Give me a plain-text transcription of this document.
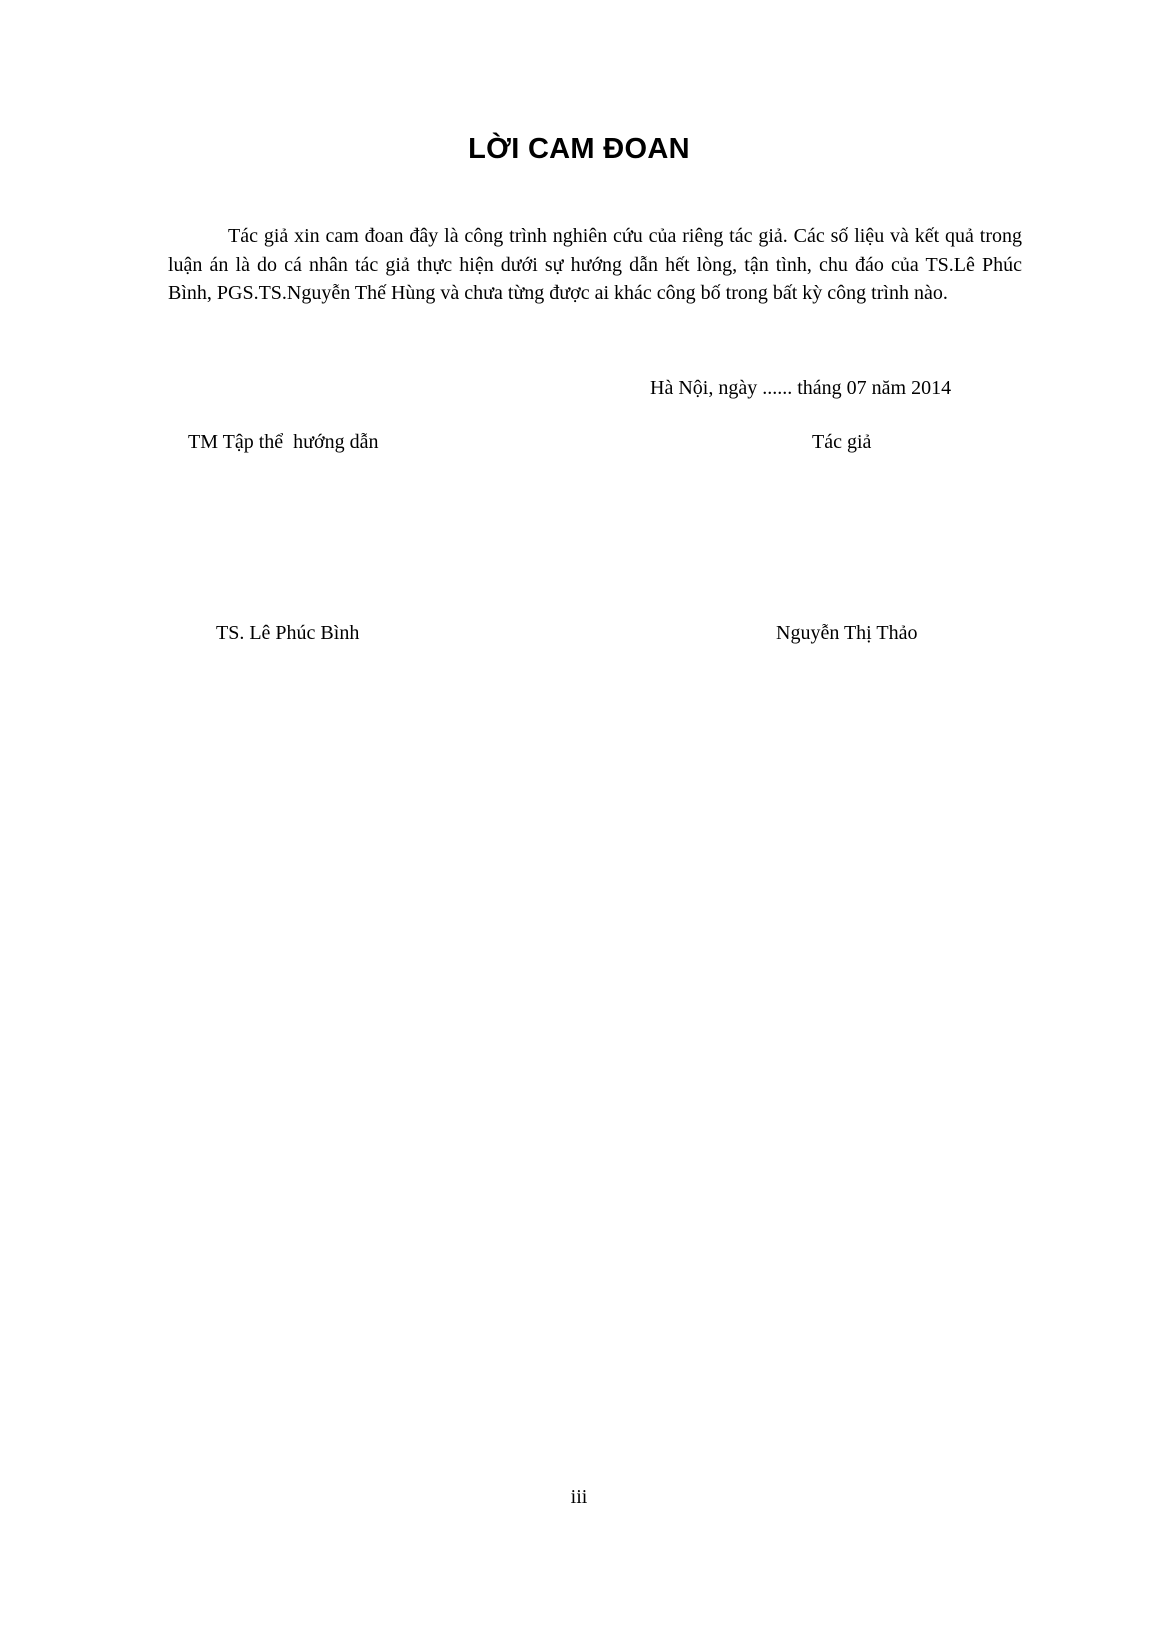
LỜI CAM ĐOAN

Tác giả xin cam đoan đây là công trình nghiên cứu của riêng tác giả. Các số liệu và kết quả trong luận án là do cá nhân tác giả thực hiện dưới sự hướng dẫn hết lòng, tận tình, chu đáo của TS.Lê Phúc Bình, PGS.TS.Nguyễn Thế Hùng và chưa từng được ai khác công bố trong bất kỳ công trình nào.

Hà Nội, ngày ...... tháng 07 năm 2014
TM Tập thể  hướng dẫn	Tác giả
TS. Lê Phúc Bình	Nguyễn Thị Thảo
iii
